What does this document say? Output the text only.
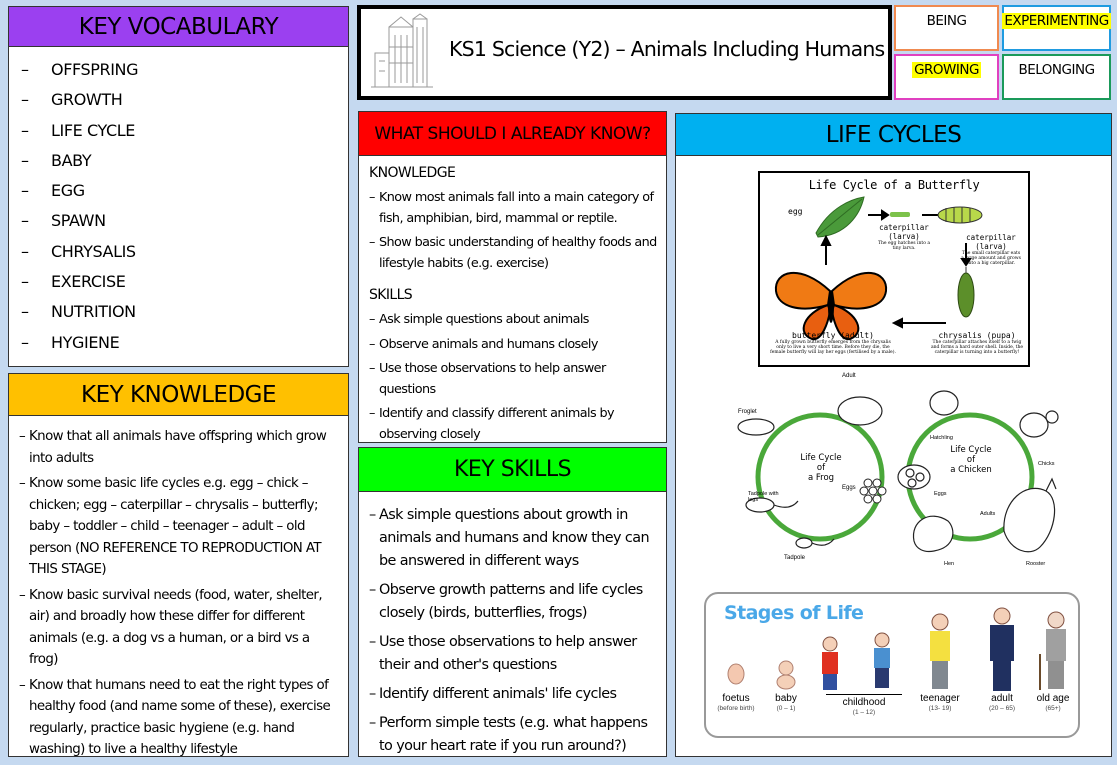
KEY VOCABULARY
– OFFSPRING
– GROWTH
– LIFE CYCLE
– BABY
– EGG
– SPAWN
– CHRYSALIS
– EXERCISE
– NUTRITION
– HYGIENE
KEY KNOWLEDGE
– Know that all animals have offspring which grow into adults
– Know some basic life cycles e.g. egg – chick – chicken; egg – caterpillar – chrysalis – butterfly; baby – toddler – child – teenager – adult – old person (NO REFERENCE TO REPRODUCTION AT THIS STAGE)
– Know basic survival needs (food, water, shelter, air) and broadly how these differ for different animals (e.g. a dog vs a human, or a bird vs a frog)
– Know that humans need to eat the right types of healthy food (and name some of these), exercise regularly, practice basic hygiene (e.g. hand washing) to live a healthy lifestyle
KS1 Science (Y2) – Animals Including Humans
BEING	EXPERIMENTING
GROWING	BELONGING
WHAT SHOULD I ALREADY KNOW?
KNOWLEDGE
– Know most animals fall into a main category of fish, amphibian, bird, mammal or reptile.
– Show basic understanding of healthy foods and lifestyle habits (e.g. exercise)
SKILLS
– Ask simple questions about animals
– Observe animals and humans closely
– Use those observations to help answer questions
– Identify and classify different animals by observing closely
KEY SKILLS
– Ask simple questions about growth in animals and humans and know they can be answered in different ways
– Observe growth patterns and life cycles closely (birds, butterflies, frogs)
– Use those observations to help answer their and other's questions
– Identify different animals' life cycles
– Perform simple tests (e.g. what happens to your heart rate if you run around?)
LIFE CYCLES
Life Cycle of a Butterfly
egg
caterpillar
(larva)
The egg hatches into a tiny larva.
caterpillar
(larva)
The small caterpillar eats a large amount and grows into a big caterpillar.
butterfly (adult)
A fully grown butterfly emerges from the chrysalis only to live a very short time. Before they die, the female butterfly will lay her eggs (fertilised by a male).
chrysalis (pupa)
The caterpillar attaches itself to a twig and forms a hard outer shell. Inside, the caterpillar is turning into a butterfly!
Life Cycle
of
a Frog
Adult
Froglet
Tadpole with legs
Eggs
Tadpole
Life Cycle
of
a Chicken
Hatchling
Chicks
Eggs
Adults
Hen	Rooster
Stages of Life
foetus
(before birth)
baby
(0 – 1)
childhood
(1 – 12)
teenager
(13- 19)
adult
(20 – 65)
old age
(65+)
